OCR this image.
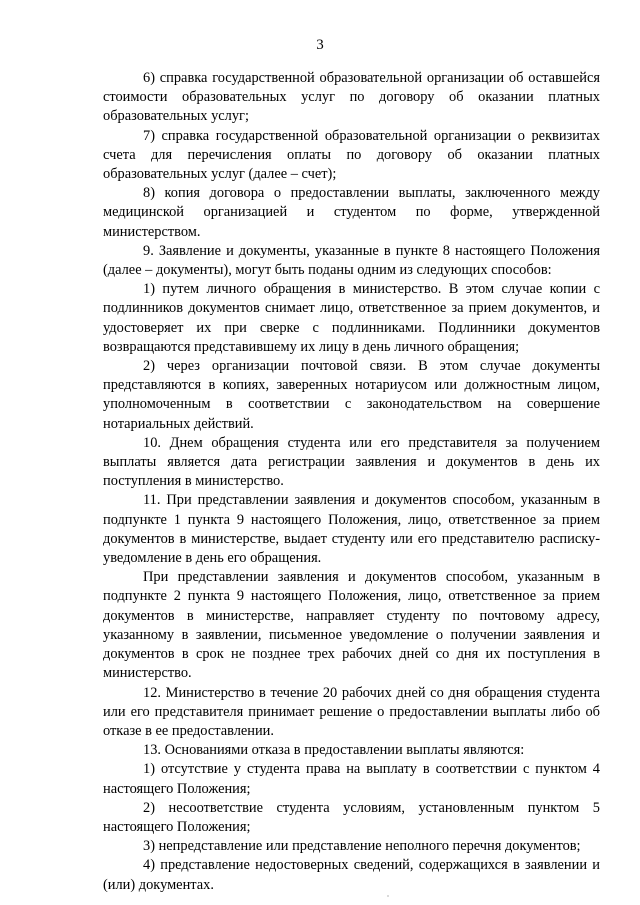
3

6) справка государственной образовательной организации об оставшейся стоимости образовательных услуг по договору об оказании платных образовательных услуг;

7) справка государственной образовательной организации о реквизитах счета для перечисления оплаты по договору об оказании платных образовательных услуг (далее – счет);

8) копия договора о предоставлении выплаты, заключенного между медицинской организацией и студентом по форме, утвержденной министерством.

9. Заявление и документы, указанные в пункте 8 настоящего Положения (далее – документы), могут быть поданы одним из следующих способов:

1) путем личного обращения в министерство. В этом случае копии с подлинников документов снимает лицо, ответственное за прием документов, и удостоверяет их при сверке с подлинниками. Подлинники документов возвращаются представившему их лицу в день личного обращения;

2) через организации почтовой связи. В этом случае документы представляются в копиях, заверенных нотариусом или должностным лицом, уполномоченным в соответствии с законодательством на совершение нотариальных действий.

10. Днем обращения студента или его представителя за получением выплаты является дата регистрации заявления и документов в день их поступления в министерство.

11. При представлении заявления и документов способом, указанным в подпункте 1 пункта 9 настоящего Положения, лицо, ответственное за прием документов в министерстве, выдает студенту или его представителю расписку-уведомление в день его обращения.

При представлении заявления и документов способом, указанным в подпункте 2 пункта 9 настоящего Положения, лицо, ответственное за прием документов в министерстве, направляет студенту по почтовому адресу, указанному в заявлении, письменное уведомление о получении заявления и документов в срок не позднее трех рабочих дней со дня их поступления в министерство.

12. Министерство в течение 20 рабочих дней со дня обращения студента или его представителя принимает решение о предоставлении выплаты либо об отказе в ее предоставлении.

13. Основаниями отказа в предоставлении выплаты являются:

1) отсутствие у студента права на выплату в соответствии с пунктом 4 настоящего Положения;

2) несоответствие студента условиям, установленным пунктом 5 настоящего Положения;

3) непредставление или представление неполного перечня документов;

4) представление недостоверных сведений, содержащихся в заявлении и (или) документах.
